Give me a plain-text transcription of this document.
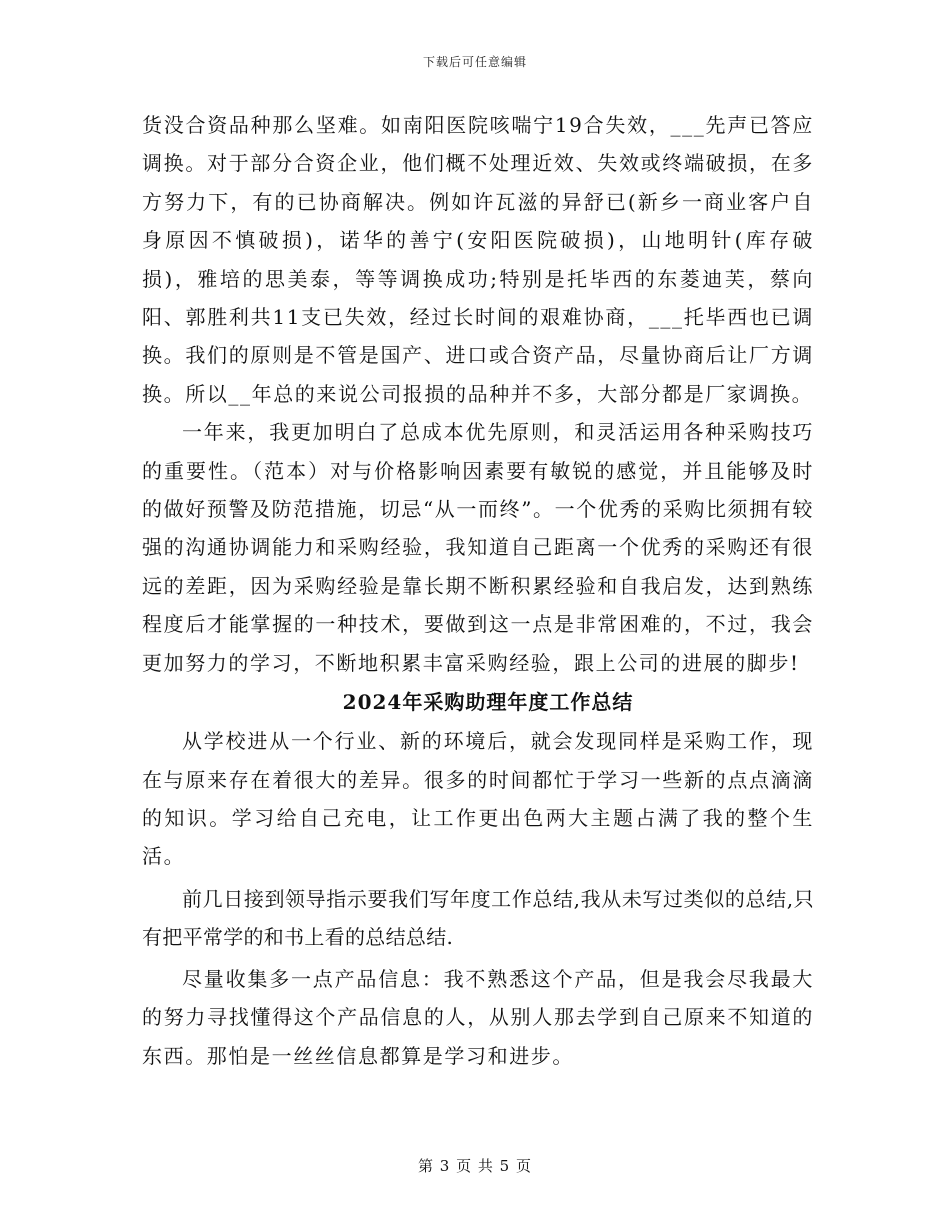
下载后可任意编辑

货没合资品种那么坚难。如南阳医院咳喘宁19合失效，___先声已答应调换。对于部分合资企业，他们概不处理近效、失效或终端破损，在多方努力下，有的已协商解决。例如许瓦滋的异舒已(新乡一商业客户自身原因不慎破损)，诺华的善宁(安阳医院破损)，山地明针(库存破损)，雅培的思美泰，等等调换成功;特别是托毕西的东菱迪芙，蔡向阳、郭胜利共11支已失效，经过长时间的艰难协商，___托毕西也已调换。我们的原则是不管是国产、进口或合资产品，尽量协商后让厂方调换。所以__年总的来说公司报损的品种并不多，大部分都是厂家调换。

一年来，我更加明白了总成本优先原则，和灵活运用各种采购技巧的重要性。（范本）对与价格影响因素要有敏锐的感觉，并且能够及时的做好预警及防范措施，切忌“从一而终”。一个优秀的采购比须拥有较强的沟通协调能力和采购经验，我知道自己距离一个优秀的采购还有很远的差距，因为采购经验是靠长期不断积累经验和自我启发，达到熟练程度后才能掌握的一种技术，要做到这一点是非常困难的，不过，我会更加努力的学习，不断地积累丰富采购经验，跟上公司的进展的脚步!

2024年采购助理年度工作总结

从学校进从一个行业、新的环境后，就会发现同样是采购工作，现在与原来存在着很大的差异。很多的时间都忙于学习一些新的点点滴滴的知识。学习给自己充电，让工作更出色两大主题占满了我的整个生活。

前几日接到领导指示要我们写年度工作总结,我从未写过类似的总结,只有把平常学的和书上看的总结总结.

尽量收集多一点产品信息：我不熟悉这个产品，但是我会尽我最大的努力寻找懂得这个产品信息的人，从别人那去学到自己原来不知道的东西。那怕是一丝丝信息都算是学习和进步。

第 3 页 共 5 页
